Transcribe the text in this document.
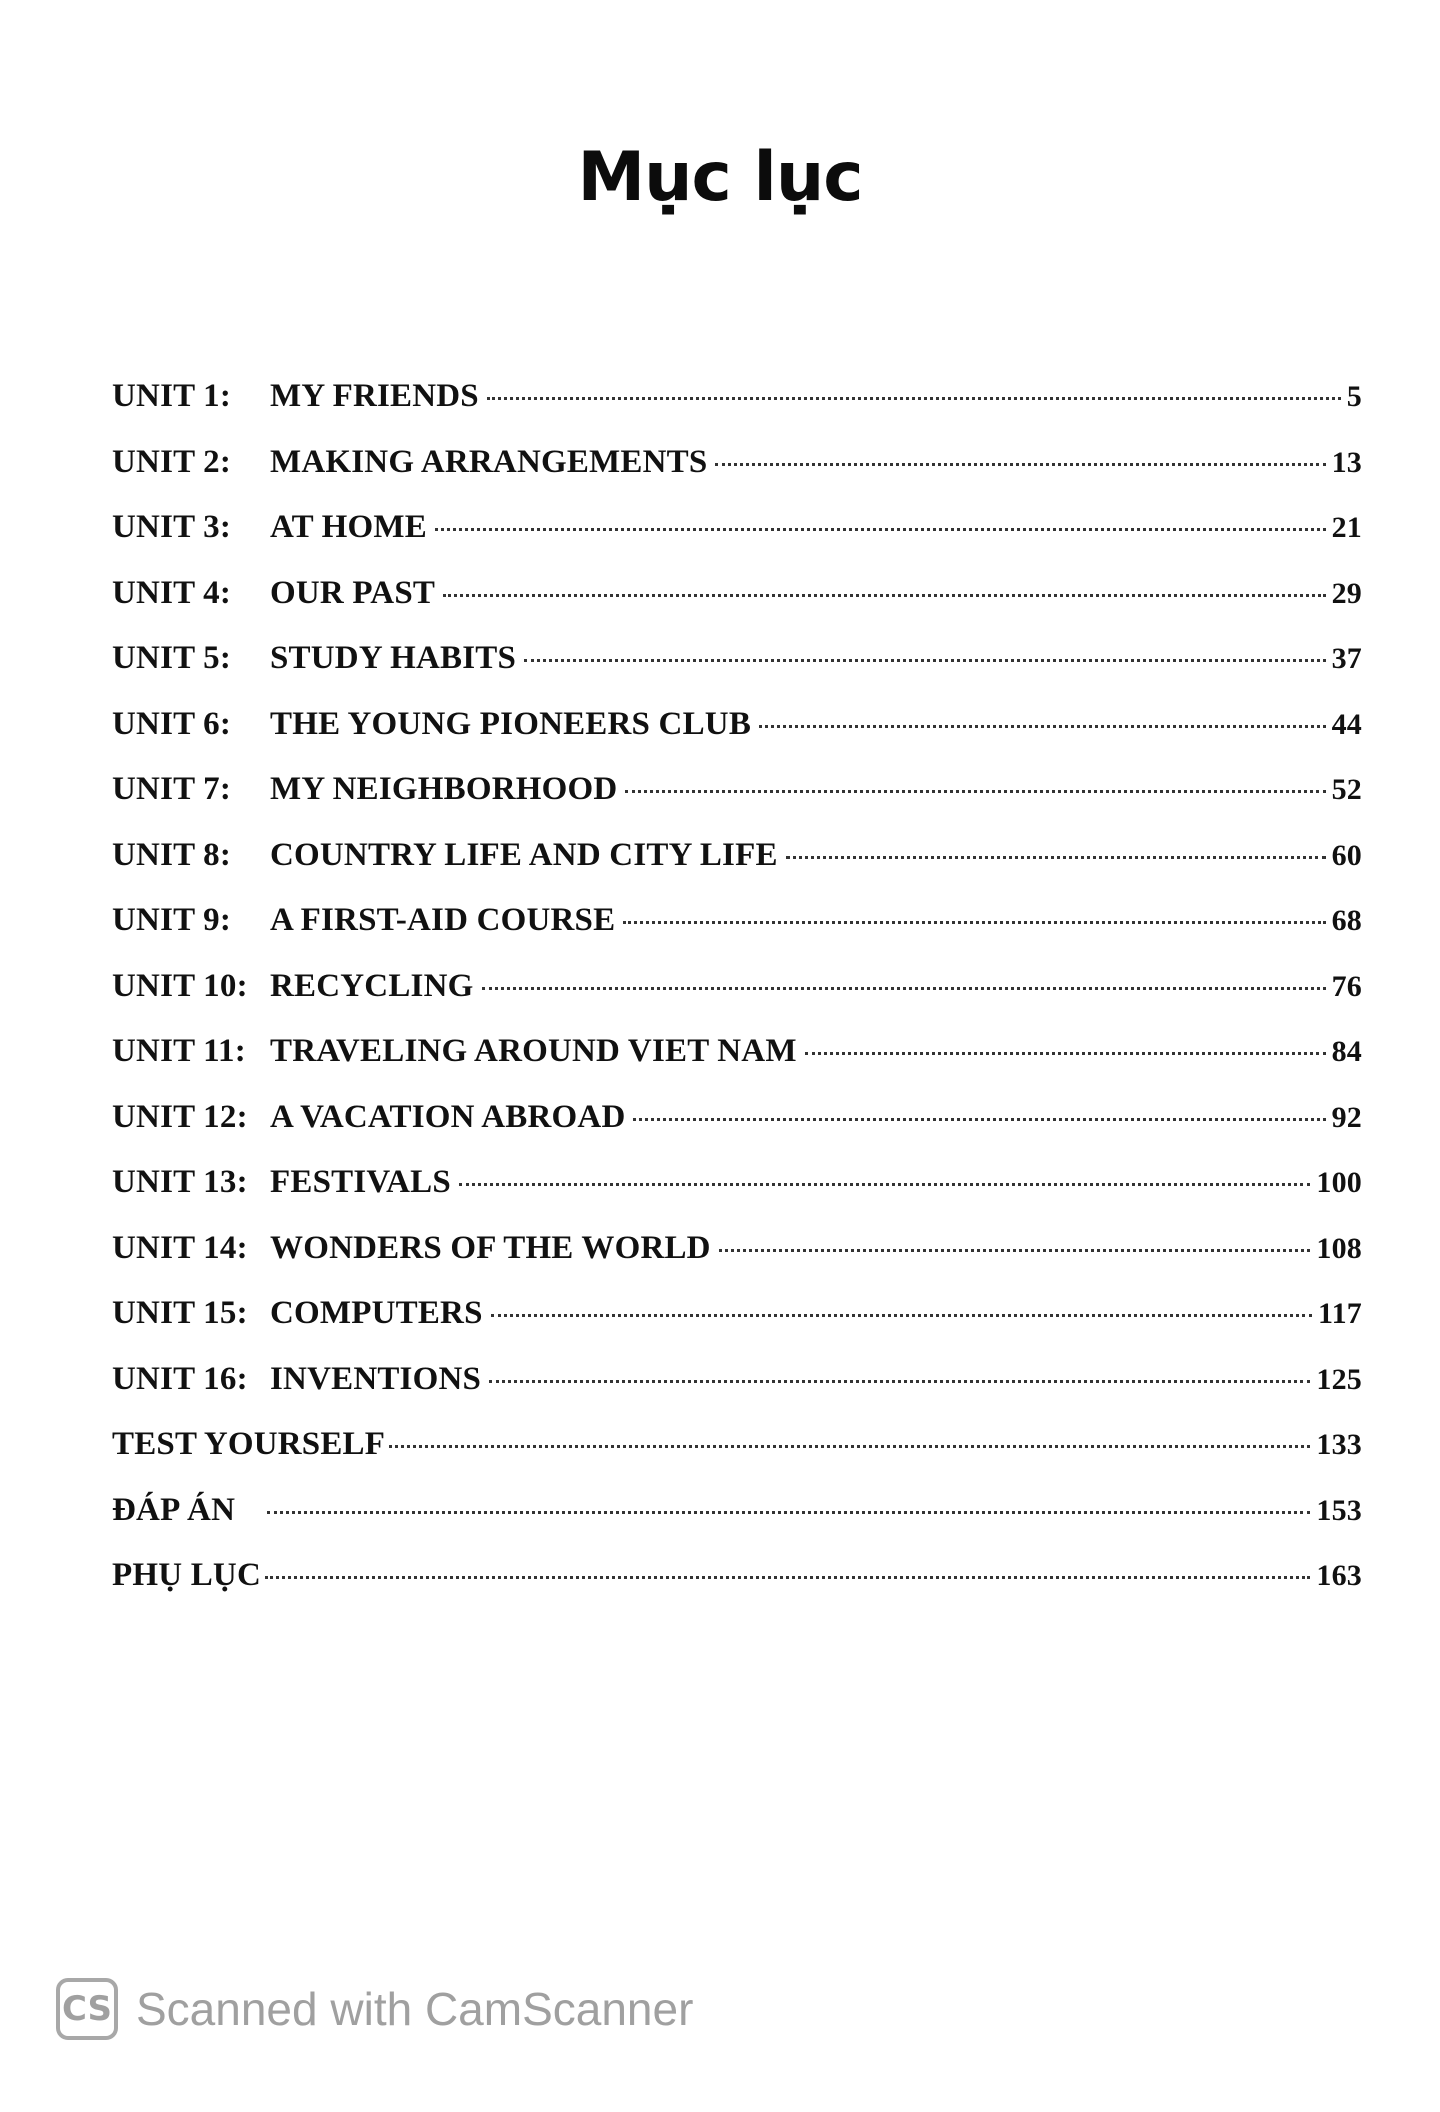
Mục lục
UNIT 1:	MY FRIENDS	5
UNIT 2:	MAKING ARRANGEMENTS	13
UNIT 3:	AT HOME	21
UNIT 4:	OUR PAST	29
UNIT 5:	STUDY HABITS	37
UNIT 6:	THE YOUNG PIONEERS CLUB	44
UNIT 7:	MY NEIGHBORHOOD	52
UNIT 8:	COUNTRY LIFE AND CITY LIFE	60
UNIT 9:	A FIRST-AID COURSE	68
UNIT 10: RECYCLING	76
UNIT 11: TRAVELING AROUND VIET NAM	84
UNIT 12: A VACATION ABROAD	92
UNIT 13: FESTIVALS	100
UNIT 14: WONDERS OF THE WORLD	108
UNIT 15: COMPUTERS	117
UNIT 16: INVENTIONS	125
TEST YOURSELF	133
ĐÁP ÁN	153
PHỤ LỤC	163
CS Scanned with CamScanner
